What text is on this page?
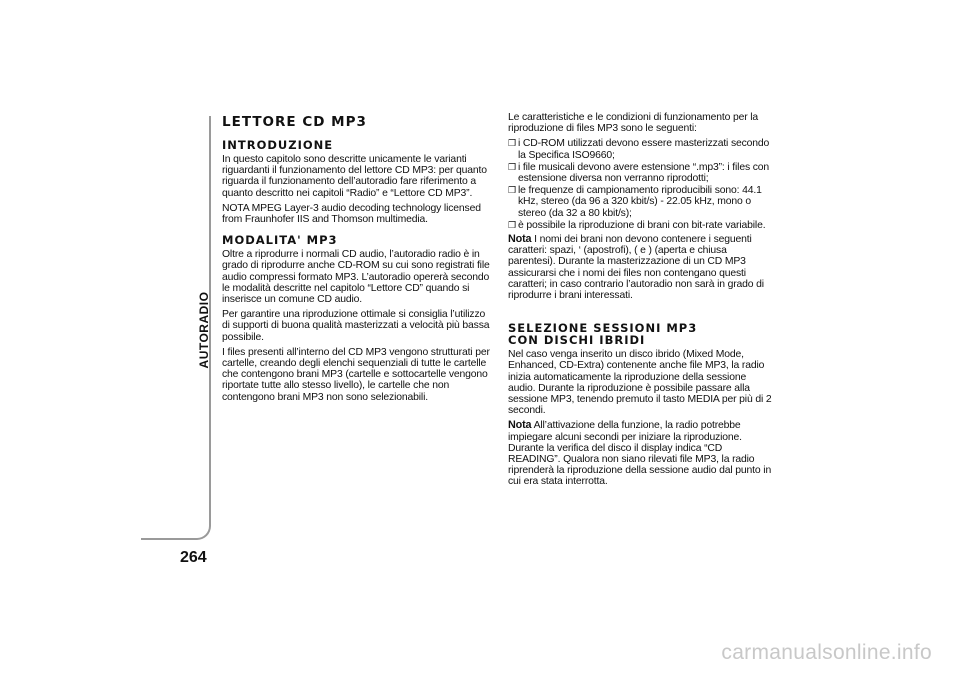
AUTORADIO
264
LETTORE CD MP3
INTRODUZIONE

In questo capitolo sono descritte unicamente le varianti riguardanti il funzionamento del lettore CD MP3: per quanto riguarda il funzionamento dell’autoradio fare riferimento a quanto descritto nei capitoli “Radio” e “Lettore CD MP3”.

NOTA MPEG Layer-3 audio decoding technology licensed from Fraunhofer IIS and Thomson multimedia.

MODALITA' MP3

Oltre a riprodurre i normali CD audio, l’autoradio radio è in grado di riprodurre anche CD-ROM su cui sono registrati file audio compressi formato MP3. L’autoradio opererà secondo le modalità descritte nel capitolo “Lettore CD” quando si inserisce un comune CD audio.

Per garantire una riproduzione ottimale si consiglia l’utilizzo di supporti di buona qualità masterizzati a velocità più bassa possibile.

I files presenti all’interno del CD MP3 vengono strutturati per cartelle, creando degli elenchi sequenziali di tutte le cartelle che contengono brani MP3 (cartelle e sottocartelle vengono riportate tutte allo stesso livello), le cartelle che non contengono brani MP3 non sono selezionabili.

Le caratteristiche e le condizioni di funzionamento per la riproduzione di files MP3 sono le seguenti:

❒ i CD-ROM utilizzati devono essere masterizzati secondo la Specifica ISO9660;
❒ i file musicali devono avere estensione “.mp3”: i files con estensione diversa non verranno riprodotti;
❒ le frequenze di campionamento riproducibili sono: 44.1 kHz, stereo (da 96 a 320 kbit/s) - 22.05 kHz, mono o stereo (da 32 a 80 kbit/s);
❒ è possibile la riproduzione di brani con bit-rate variabile.

Nota I nomi dei brani non devono contenere i seguenti caratteri: spazi, ‘ (apostrofi), ( e ) (aperta e chiusa parentesi). Durante la masterizzazione di un CD MP3 assicurarsi che i nomi dei files non contengano questi caratteri; in caso contrario l’autoradio non sarà in grado di riprodurre i brani interessati.

SELEZIONE SESSIONI MP3
CON DISCHI IBRIDI

Nel caso venga inserito un disco ibrido (Mixed Mode, Enhanced, CD-Extra) contenente anche file MP3, la radio inizia automaticamente la riproduzione della sessione audio. Durante la riproduzione è possibile passare alla sessione MP3, tenendo premuto il tasto MEDIA per più di 2 secondi.

Nota All’attivazione della funzione, la radio potrebbe impiegare alcuni secondi per iniziare la riproduzione. Durante la verifica del disco il display indica “CD READING”. Qualora non siano rilevati file MP3, la radio riprenderà la riproduzione della sessione audio dal punto in cui era stata interrotta.

carmanualsonline.info
